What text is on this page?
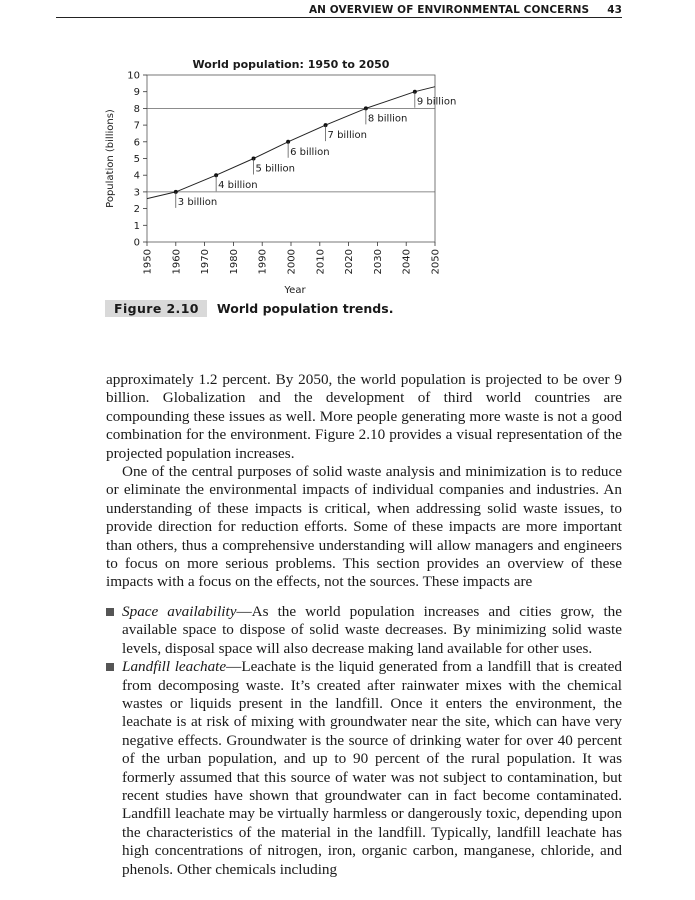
AN OVERVIEW OF ENVIRONMENTAL CONCERNS 43
World population: 1950 to 2050
0
1
2
3
4
5
6
7
8
9
10
1950 1960 1970 1980 1990 2000 2010 2020 2030 2040 2050
Year
Population (billions)	3 billion
4 billion
5 billion
6 billion
7 billion
8 billion
9 billion
Figure 2.10 World population trends.

approximately 1.2 percent. By 2050, the world population is projected to be over 9 billion. Globalization and the development of third world countries are compounding these issues as well. More people generating more waste is not a good combination for the environment. Figure 2.10 provides a visual representation of the projected population increases.

One of the central purposes of solid waste analysis and minimization is to reduce or eliminate the environmental impacts of individual companies and industries. An understanding of these impacts is critical, when addressing solid waste issues, to provide direction for reduction efforts. Some of these impacts are more important than others, thus a comprehensive understanding will allow managers and engineers to focus on more serious problems. This section provides an overview of these impacts with a focus on the effects, not the sources. These impacts are

Space availability—As the world population increases and cities grow, the available space to dispose of solid waste decreases. By minimizing solid waste levels, disposal space will also decrease making land available for other uses.
Landfill leachate—Leachate is the liquid generated from a landfill that is created from decomposing waste. It’s created after rainwater mixes with the chemical wastes or liquids present in the landfill. Once it enters the environment, the leachate is at risk of mixing with groundwater near the site, which can have very negative effects. Groundwater is the source of drinking water for over 40 percent of the urban population, and up to 90 percent of the rural population. It was formerly assumed that this source of water was not subject to contamination, but recent studies have shown that groundwater can in fact become contaminated. Landfill leachate may be virtually harmless or dangerously toxic, depending upon the characteristics of the material in the landfill. Typically, landfill leachate has high concentrations of nitrogen, iron, organic carbon, manganese, chloride, and phenols. Other chemicals including
